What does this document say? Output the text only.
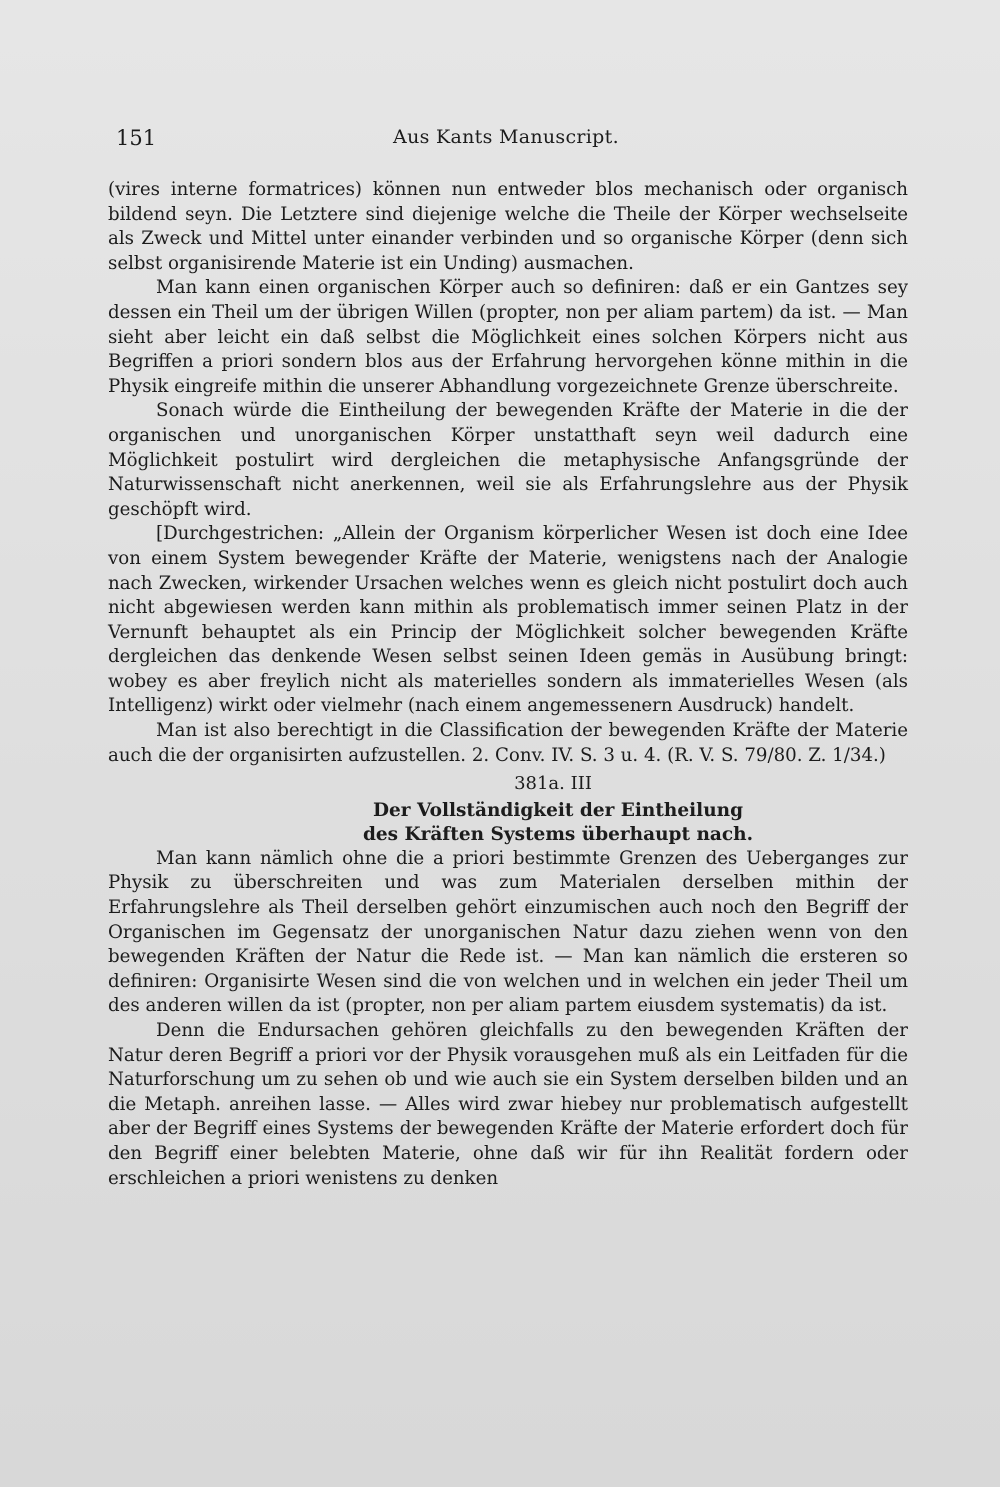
151	Aus Kants Manuscript.

(vires interne formatrices) können nun entweder blos mechanisch oder organisch bildend seyn. Die Letztere sind diejenige welche die Theile der Körper wechselseite als Zweck und Mittel unter einander verbinden und so organische Körper (denn sich selbst organisirende Materie ist ein Unding) ausmachen.

Man kann einen organischen Körper auch so definiren: daß er ein Gantzes sey dessen ein Theil um der übrigen Willen (propter, non per aliam partem) da ist. — Man sieht aber leicht ein daß selbst die Möglichkeit eines solchen Körpers nicht aus Begriffen a priori sondern blos aus der Erfahrung hervorgehen könne mithin in die Physik eingreife mithin die unserer Abhandlung vorgezeichnete Grenze überschreite.

Sonach würde die Eintheilung der bewegenden Kräfte der Materie in die der organischen und unorganischen Körper unstatthaft seyn weil dadurch eine Möglichkeit postulirt wird dergleichen die metaphysische Anfangsgründe der Naturwissenschaft nicht anerkennen, weil sie als Erfahrungslehre aus der Physik geschöpft wird.

[Durchgestrichen: „Allein der Organism körperlicher Wesen ist doch eine Idee von einem System bewegender Kräfte der Materie, wenigstens nach der Analogie nach Zwecken, wirkender Ursachen welches wenn es gleich nicht postulirt doch auch nicht abgewiesen werden kann mithin als problematisch immer seinen Platz in der Vernunft behauptet als ein Princip der Möglichkeit solcher bewegenden Kräfte dergleichen das denkende Wesen selbst seinen Ideen gemäs in Ausübung bringt: wobey es aber freylich nicht als materielles sondern als immaterielles Wesen (als Intelligenz) wirkt oder vielmehr (nach einem angemessenern Ausdruck) handelt.

Man ist also berechtigt in die Classification der bewegenden Kräfte der Materie auch die der organisirten aufzustellen. 2. Conv. IV. S. 3 u. 4. (R. V. S. 79/80. Z. 1/34.)

381a. III
Der Vollständigkeit der Eintheilung
des Kräften Systems überhaupt nach.

Man kann nämlich ohne die a priori bestimmte Grenzen des Ueberganges zur Physik zu überschreiten und was zum Materialen derselben mithin der Erfahrungslehre als Theil derselben gehört einzumischen auch noch den Begriff der Organischen im Gegensatz der unorganischen Natur dazu ziehen wenn von den bewegenden Kräften der Natur die Rede ist. — Man kan nämlich die ersteren so definiren: Organisirte Wesen sind die von welchen und in welchen ein jeder Theil um des anderen willen da ist (propter, non per aliam partem eiusdem systematis) da ist.

Denn die Endursachen gehören gleichfalls zu den bewegenden Kräften der Natur deren Begriff a priori vor der Physik vorausgehen muß als ein Leitfaden für die Naturforschung um zu sehen ob und wie auch sie ein System derselben bilden und an die Metaph. anreihen lasse. — Alles wird zwar hiebey nur problematisch aufgestellt aber der Begriff eines Systems der bewegenden Kräfte der Materie erfordert doch für den Begriff einer belebten Materie, ohne daß wir für ihn Realität fordern oder erschleichen a priori wenistens zu denken
